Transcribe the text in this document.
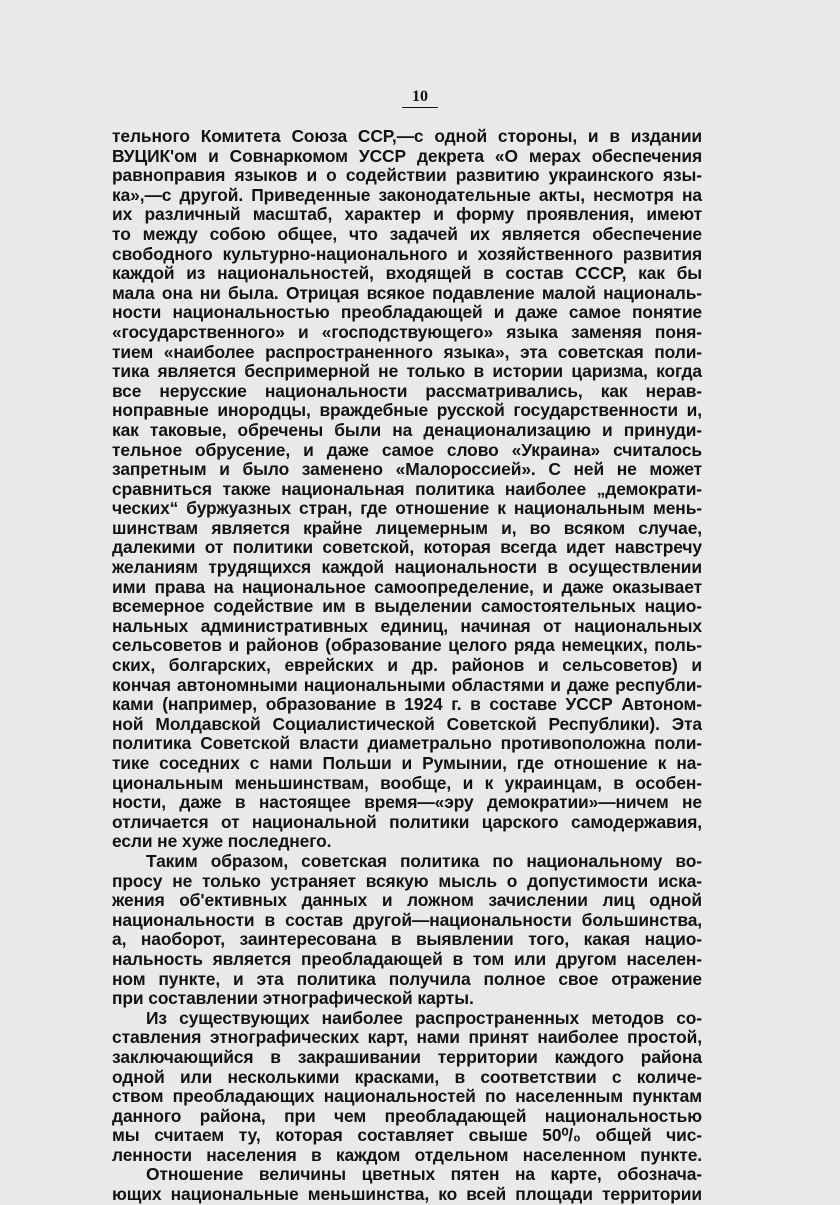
10
тельного Комитета Союза ССР,—с одной стороны, и в издании
ВУЦИК'ом и Совнаркомом УССР декрета «О мерах обеспечения
равноправия языков и о содействии развитию украинского язы-
ка»,—с другой. Приведенные законодательные акты, несмотря на
их различный масштаб, характер и форму проявления, имеют
то между собою общее, что задачей их является обеспечение
свободного культурно-национального и хозяйственного развития
каждой из национальностей, входящей в состав СССР, как бы
мала она ни была. Отрицая всякое подавление малой националь-
ности национальностью преобладающей и даже самое понятие
«государственного» и «господствующего» языка заменяя поня-
тием «наиболее распространенного языка», эта советская поли-
тика является беспримерной не только в истории царизма, когда
все нерусские национальности рассматривались, как нерав-
ноправные инородцы, враждебные русской государственности и,
как таковые, обречены были на денационализацию и принуди-
тельное обрусение, и даже самое слово «Украина» считалось
запретным и было заменено «Малороссией». С ней не может
сравниться также национальная политика наиболее „демократи-
ческих“ буржуазных стран, где отношение к национальным мень-
шинствам является крайне лицемерным и, во всяком случае,
далекими от политики советской, которая всегда идет навстречу
желаниям трудящихся каждой национальности в осуществлении
ими права на национальное самоопределение, и даже оказывает
всемерное содействие им в выделении самостоятельных нацио-
нальных административных единиц, начиная от национальных
сельсоветов и районов (образование целого ряда немецких, поль-
ских, болгарских, еврейских и др. районов и сельсоветов) и
кончая автономными национальными областями и даже республи-
ками (например, образование в 1924 г. в составе УССР Автоном-
ной Молдавской Социалистической Советской Республики). Эта
политика Советской власти диаметрально противоположна поли-
тике соседних с нами Польши и Румынии, где отношение к на-
циональным меньшинствам, вообще, и к украинцам, в особен-
ности, даже в настоящее время—«эру демократии»—ничем не
отличается от национальной политики царского самодержавия,
если не хуже последнего.
Таким образом, советская политика по национальному во-
просу не только устраняет всякую мысль о допустимости иска-
жения об'ективных данных и ложном зачислении лиц одной
национальности в состав другой—национальности большинства,
а, наоборот, заинтересована в выявлении того, какая нацио-
нальность является преобладающей в том или другом населен-
ном пункте, и эта политика получила полное свое отражение
при составлении этнографической карты.
Из существующих наиболее распространенных методов со-
ставления этнографических карт, нами принят наиболее простой,
заключающийся в закрашивании территории каждого района
одной или несколькими красками, в соответствии с количе-
ством преобладающих национальностей по населенным пунктам
данного района, при чем преобладающей национальностью
мы считаем ту, которая составляет свыше 50⁰/₀ общей чис-
ленности населения в каждом отдельном населенном пункте.
Отношение величины цветных пятен на карте, обознача-
ющих национальные меньшинства, ко всей площади территории
